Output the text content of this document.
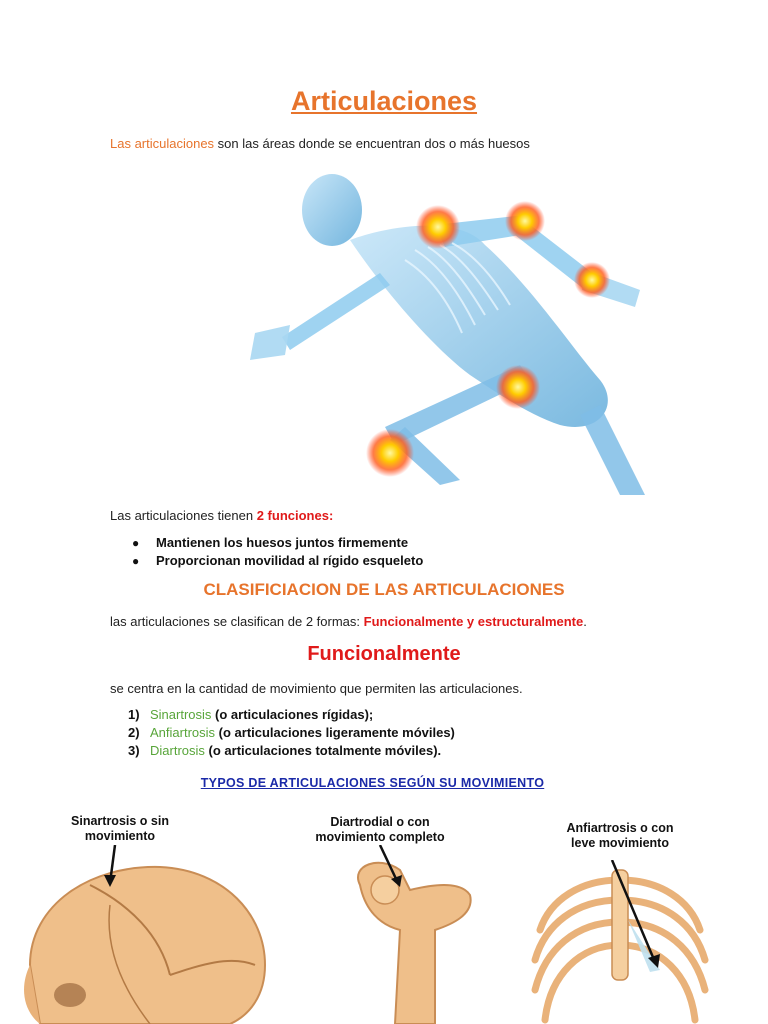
Articulaciones
Las articulaciones son las áreas donde se encuentran dos o más huesos
Las articulaciones tienen 2 funciones:
● Mantienen los huesos juntos firmemente
● Proporcionan movilidad al rígido esqueleto
CLASIFICIACION DE LAS ARTICULACIONES
las articulaciones se clasifican de 2 formas: Funcionalmente y estructuralmente.
Funcionalmente
se centra en la cantidad de movimiento que permiten las articulaciones.
1) Sinartrosis (o articulaciones rígidas);
2) Anfiartrosis (o articulaciones ligeramente móviles)
3) Diartrosis (o articulaciones totalmente móviles).
TYPOS DE ARTICULACIONES SEGÚN SU MOVIMIENTO
Sinartrosis o sin
movimiento
Diartrodial o con
movimiento completo
Anfiartrosis o con
leve movimiento
